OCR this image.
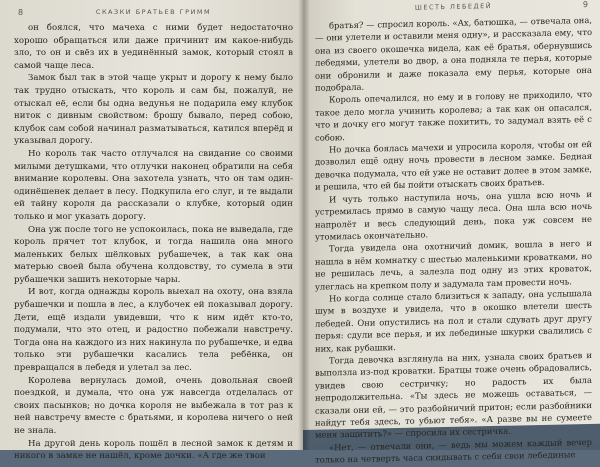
8	СКАЗКИ БРАТЬЕВ ГРИММ

он боялся, что мачеха с ними будет недостаточно хорошо обращаться или даже причинит им какое-нибудь зло, то он и свёз их в уединённый замок, который стоял в самой чаще леса.

Замок был так в этой чаще укрыт и дорогу к нему было так трудно отыскать, что король и сам бы, пожалуй, не отыскал её, если бы одна ведунья не подарила ему клубок ниток с дивным свойством: брошу бывало, перед собою, клубок сам собой начинал разматываться, катился вперёд и указывал дорогу.

Но король так часто отлучался на свидание со своими милыми детушками, что отлучки наконец обратили на себя внимание королевы. Она захотела узнать, что он там один-одинёшенек делает в лесу. Подкупила его слуг, и те выдали ей тайну короля да рассказали о клубке, который один только и мог указать дорогу.

Она уж после того не успокоилась, пока не выведала, где король прячет тот клубок, и тогда нашила она много маленьких белых шёлковых рубашечек, а так как она матерью своей была обучена колдовству, то сумела в эти рубашечки зашить некоторые чары.

И вот, когда однажды король выехал на охоту, она взяла рубашечки и пошла в лес, а клубочек ей показывал дорогу. Дети, ещё издали увидевши, что к ним идёт кто-то, подумали, что это отец, и радостно побежали навстречу. Тогда она на каждого из них накинула по рубашечке, и едва только эти рубашечки касались тела ребёнка, он превращался в лебедя и улетал за лес.

Королева вернулась домой, очень довольная своей поездкой, и думала, что она уж навсегда отделалась от своих пасынков; но дочка короля не выбежала в тот раз к ней навстречу вместе с братьями, и королева ничего о ней не знала.

На другой день король пошёл в лесной замок к детям и никого в замке не нашёл, кроме дочки. «А где же твои

ШЕСТЬ ЛЕБЕДЕЙ	9

братья? — спросил король. «Ах, батюшка, — отвечала она, — они улетели и оставили меня одну», и рассказала ему, что она из своего окошечка видела, как её братья, обернувшись лебедями, улетели во двор, а она подняла те перья, которые они обронили и даже показала ему перья, которые она подобрала.

Король опечалился, но ему и в голову не приходило, что такое дело могла учинить королева; а так как он опасался, что и дочку его могут также похитить, то задумал взять её с собою.

Но дочка боялась мачехи и упросила короля, чтобы он ей дозволил ещё одну ночь провести в лесном замке. Бедная девочка подумала, что ей уже не оставит долее в этом замке, и решила, что ей бы пойти отыскать своих братьев.

И чуть только наступила ночь, она ушла всю ночь и устремилась прямо в самую чащу леса. Она шла всю ночь напролёт и весь следующий день, пока уж совсем не утомилась окончательно.

Тогда увидела она охотничий домик, вошла в него и нашла в нём комнатку с шестью маленькими кроватками, но не решилась лечь, а залезла под одну из этих кроваток, улеглась на крепком полу и задумала там провести ночь.

Но когда солнце стало близиться к западу, она услышала шум в воздухе и увидела, что в окошко влетели шесть лебедей. Они опустились на пол и стали сдувать друг другу перья: сдули все перья, и их лебединые шкурки свалились с них, как рубашки.

Тогда девочка взглянула на них, узнала своих братьев и выползла из-под кроватки. Братцы тоже очень обрадовались, увидев свою сестричку; но радость их была непродолжительна. «Ты здесь не можешь оставаться, — сказали они ей, — это разбойничий притон; если разбойники найдут тебя здесь, то убьют тебя». «А разве вы не сумеете меня защитить?» — спросила их сестричка.

«Нет, — отвечали они, — ведь мы можем каждый вечер только на четверть часа скидывать с себя свои лебединые
